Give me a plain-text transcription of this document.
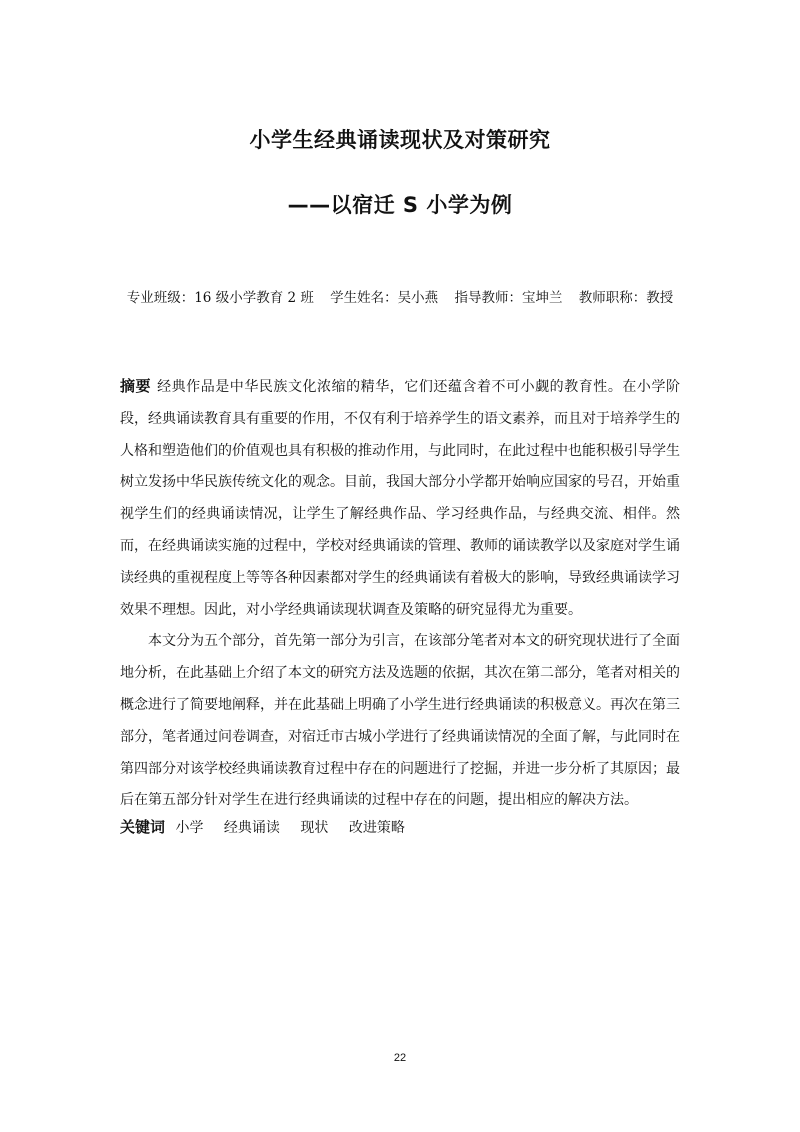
小学生经典诵读现状及对策研究
——以宿迁 S 小学为例
专业班级：16 级小学教育 2 班 学生姓名：吴小燕 指导教师：宝坤兰 教师职称：教授

摘要 经典作品是中华民族文化浓缩的精华，它们还蕴含着不可小觑的教育性。在小学阶段，经典诵读教育具有重要的作用，不仅有利于培养学生的语文素养，而且对于培养学生的人格和塑造他们的价值观也具有积极的推动作用，与此同时，在此过程中也能积极引导学生树立发扬中华民族传统文化的观念。目前，我国大部分小学都开始响应国家的号召，开始重视学生们的经典诵读情况，让学生了解经典作品、学习经典作品，与经典交流、相伴。然而，在经典诵读实施的过程中，学校对经典诵读的管理、教师的诵读教学以及家庭对学生诵读经典的重视程度上等等各种因素都对学生的经典诵读有着极大的影响，导致经典诵读学习效果不理想。因此，对小学经典诵读现状调查及策略的研究显得尤为重要。

本文分为五个部分，首先第一部分为引言，在该部分笔者对本文的研究现状进行了全面地分析，在此基础上介绍了本文的研究方法及选题的依据，其次在第二部分，笔者对相关的概念进行了简要地阐释，并在此基础上明确了小学生进行经典诵读的积极意义。再次在第三部分，笔者通过问卷调查，对宿迁市古城小学进行了经典诵读情况的全面了解，与此同时在第四部分对该学校经典诵读教育过程中存在的问题进行了挖掘，并进一步分析了其原因；最后在第五部分针对学生在进行经典诵读的过程中存在的问题，提出相应的解决方法。

关键词 小学 经典诵读 现状 改进策略
22
